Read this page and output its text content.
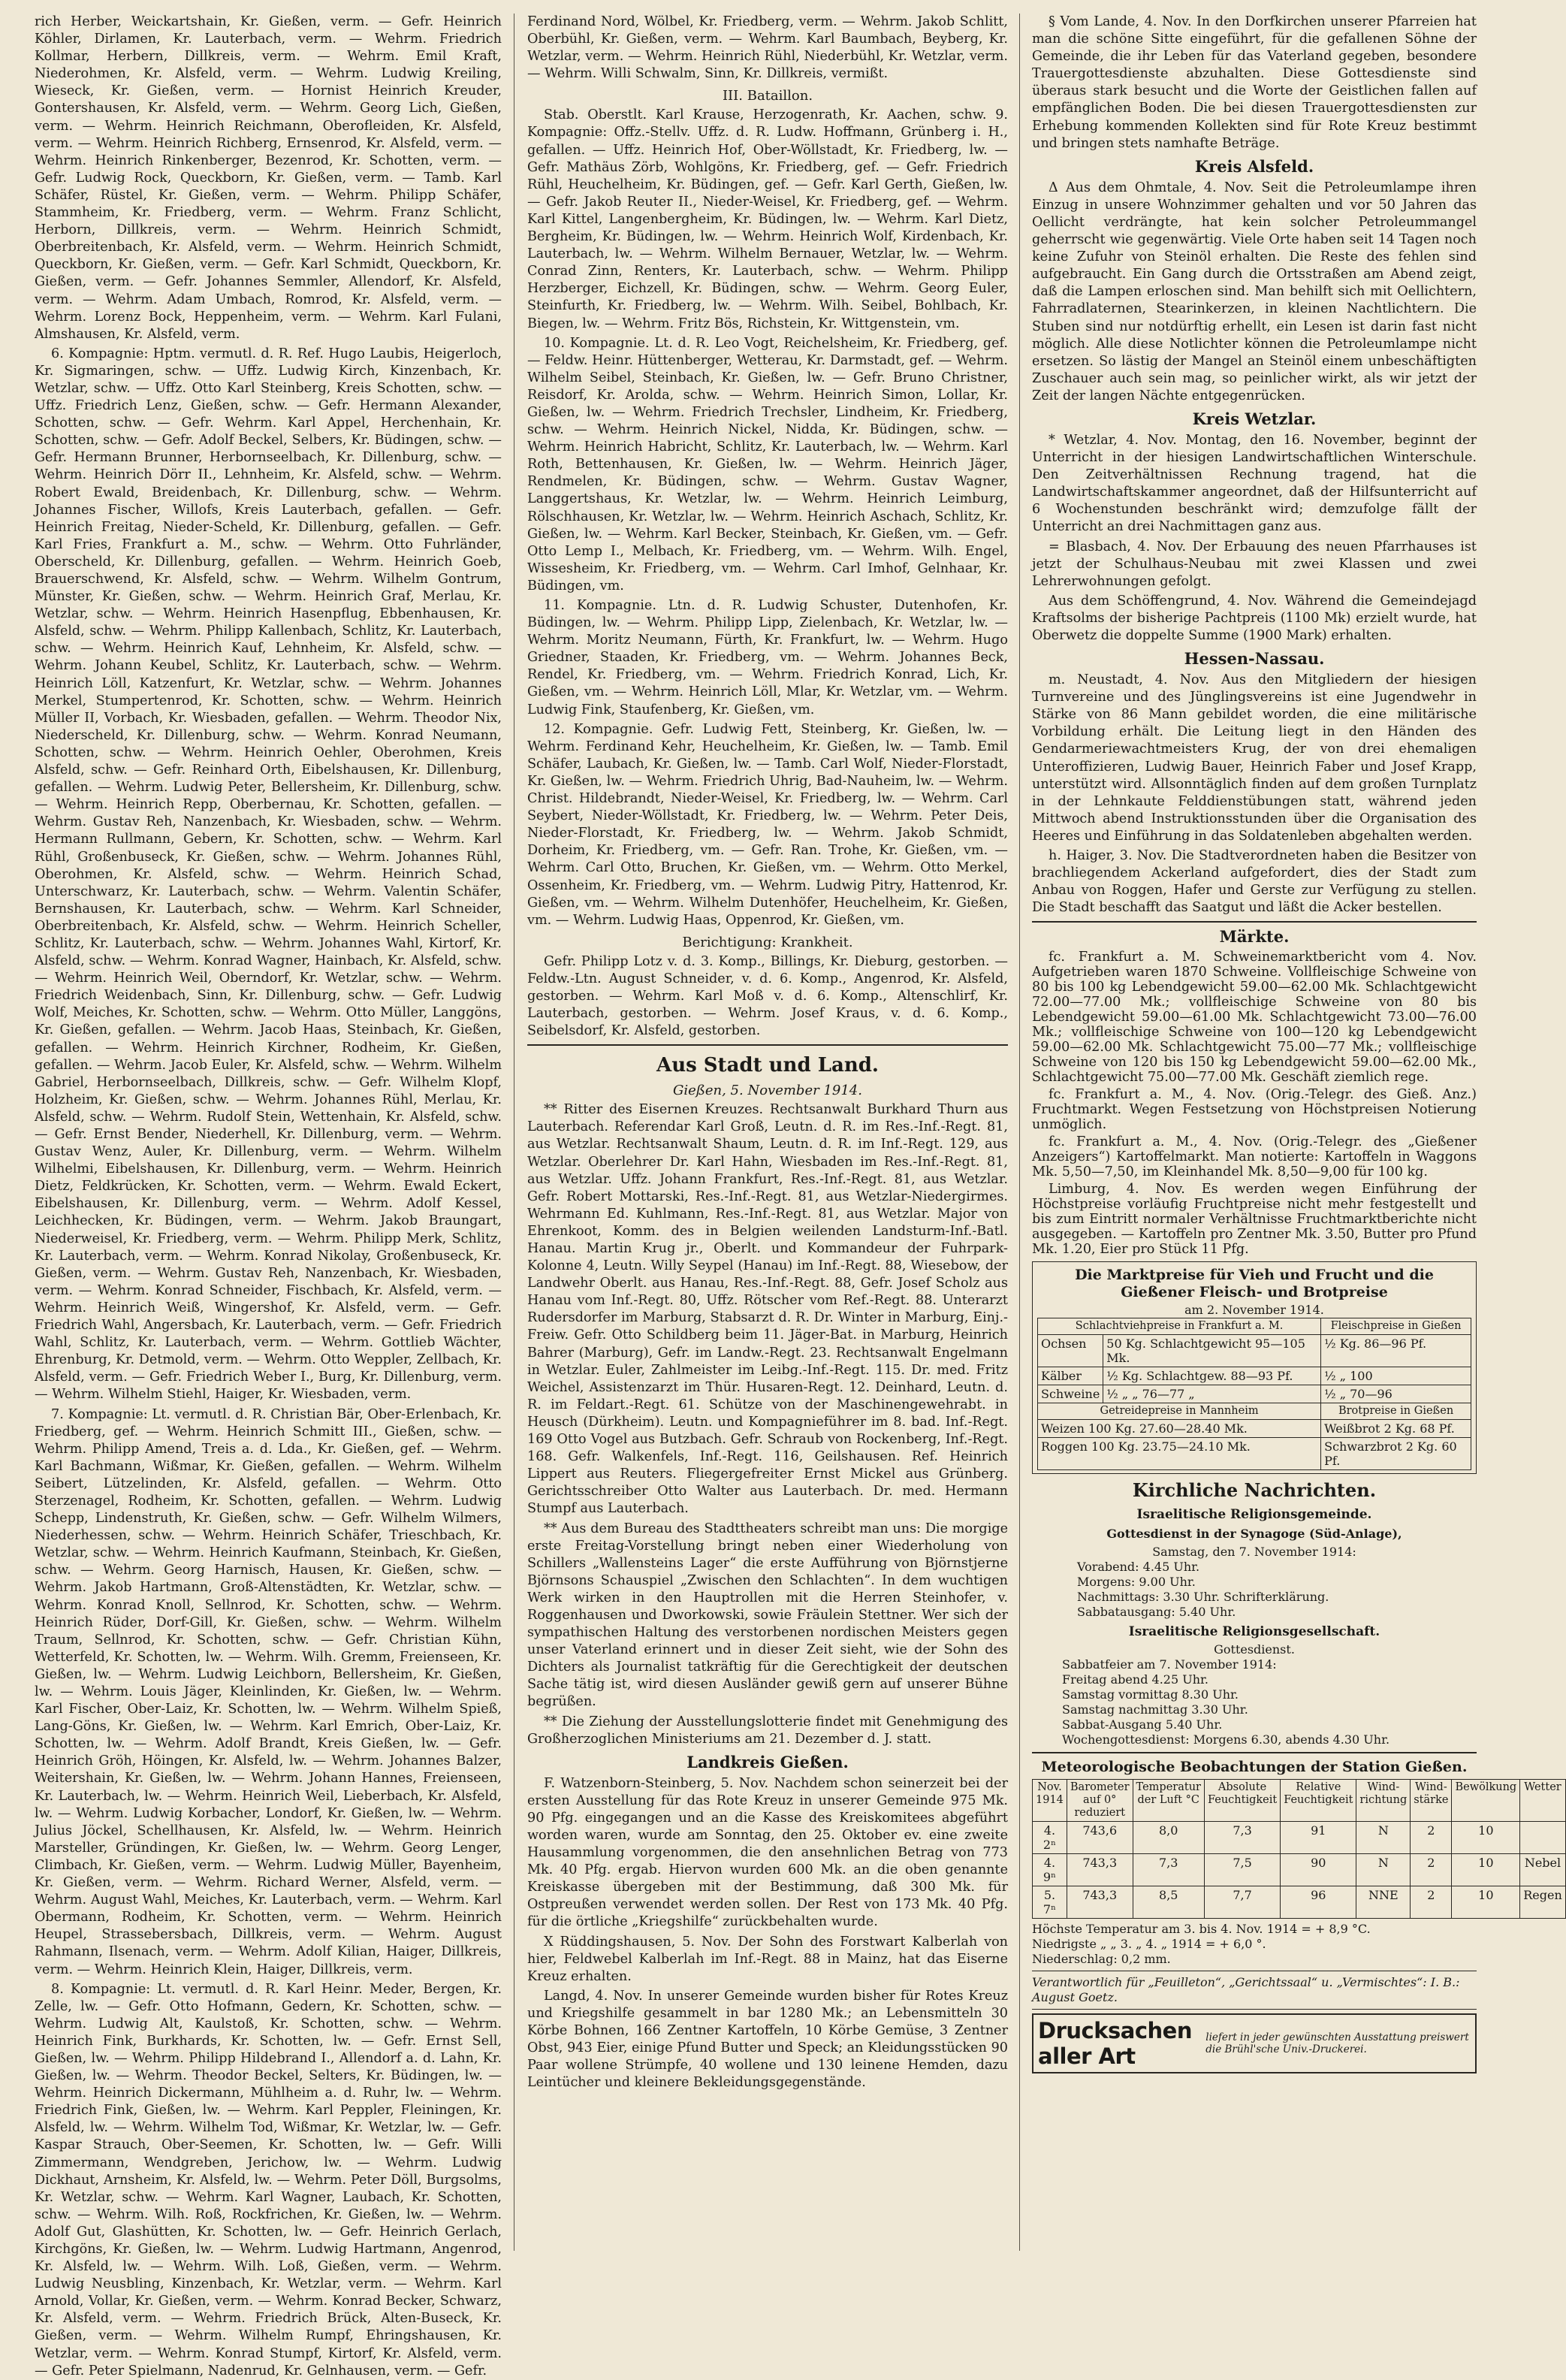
rich Herber, Weickartshain, Kr. Gießen, verm. — Gefr. Heinrich Köhler, Dirlamen, Kr. Lauterbach, verm. — Wehrm. Friedrich Kollmar, Herbern, Dillkreis, verm. — Wehrm. Emil Kraft, Niederohmen, Kr. Alsfeld, verm. — Wehrm. Ludwig Kreiling, Wieseck, Kr. Gießen, verm. — Hornist Heinrich Kreuder, Gontershausen, Kr. Alsfeld, verm. — Wehrm. Georg Lich, Gießen, verm. — Wehrm. Heinrich Reichmann, Oberofleiden, Kr. Alsfeld, verm. — Wehrm. Heinrich Richberg, Ernsenrod, Kr. Alsfeld, verm. — Wehrm. Heinrich Rinkenberger, Bezenrod, Kr. Schotten, verm. — Gefr. Ludwig Rock, Queckborn, Kr. Gießen, verm. — Tamb. Karl Schäfer, Rüstel, Kr. Gießen, verm. — Wehrm. Philipp Schäfer, Stammheim, Kr. Friedberg, verm. — Wehrm. Franz Schlicht, Herborn, Dillkreis, verm. — Wehrm. Heinrich Schmidt, Oberbreitenbach, Kr. Alsfeld, verm. — Wehrm. Heinrich Schmidt, Queckborn, Kr. Gießen, verm. — Gefr. Karl Schmidt, Queckborn, Kr. Gießen, verm. — Gefr. Johannes Semmler, Allendorf, Kr. Alsfeld, verm. — Wehrm. Adam Umbach, Romrod, Kr. Alsfeld, verm. — Wehrm. Lorenz Bock, Heppenheim, verm. — Wehrm. Karl Fulani, Almshausen, Kr. Alsfeld, verm.

6. Kompagnie: Hptm. vermutl. d. R. Ref. Hugo Laubis, Heigerloch, Kr. Sigmaringen, schw. — Uffz. Ludwig Kirch, Kinzenbach, Kr. Wetzlar, schw. — Uffz. Otto Karl Steinberg, Kreis Schotten, schw. — Uffz. Friedrich Lenz, Gießen, schw. — Gefr. Hermann Alexander, Schotten, schw. — Gefr. Wehrm. Karl Appel, Herchenhain, Kr. Schotten, schw. — Gefr. Adolf Beckel, Selbers, Kr. Büdingen, schw. — Gefr. Hermann Brunner, Herbornseelbach, Kr. Dillenburg, schw. — Wehrm. Heinrich Dörr II., Lehnheim, Kr. Alsfeld, schw. — Wehrm. Robert Ewald, Breidenbach, Kr. Dillenburg, schw. — Wehrm. Johannes Fischer, Willofs, Kreis Lauterbach, gefallen. — Gefr. Heinrich Freitag, Nieder-Scheld, Kr. Dillenburg, gefallen. — Gefr. Karl Fries, Frankfurt a. M., schw. — Wehrm. Otto Fuhrländer, Oberscheld, Kr. Dillenburg, gefallen. — Wehrm. Heinrich Goeb, Brauerschwend, Kr. Alsfeld, schw. — Wehrm. Wilhelm Gontrum, Münster, Kr. Gießen, schw. — Wehrm. Heinrich Graf, Merlau, Kr. Wetzlar, schw. — Wehrm. Heinrich Hasenpflug, Ebbenhausen, Kr. Alsfeld, schw. — Wehrm. Philipp Kallenbach, Schlitz, Kr. Lauterbach, schw. — Wehrm. Heinrich Kauf, Lehnheim, Kr. Alsfeld, schw. — Wehrm. Johann Keubel, Schlitz, Kr. Lauterbach, schw. — Wehrm. Heinrich Löll, Katzenfurt, Kr. Wetzlar, schw. — Wehrm. Johannes Merkel, Stumpertenrod, Kr. Schotten, schw. — Wehrm. Heinrich Müller II, Vorbach, Kr. Wiesbaden, gefallen. — Wehrm. Theodor Nix, Niederscheld, Kr. Dillenburg, schw. — Wehrm. Konrad Neumann, Schotten, schw. — Wehrm. Heinrich Oehler, Oberohmen, Kreis Alsfeld, schw. — Gefr. Reinhard Orth, Eibelshausen, Kr. Dillenburg, gefallen. — Wehrm. Ludwig Peter, Bellersheim, Kr. Dillenburg, schw. — Wehrm. Heinrich Repp, Oberbernau, Kr. Schotten, gefallen. — Wehrm. Gustav Reh, Nanzenbach, Kr. Wiesbaden, schw. — Wehrm. Hermann Rullmann, Gebern, Kr. Schotten, schw. — Wehrm. Karl Rühl, Großenbuseck, Kr. Gießen, schw. — Wehrm. Johannes Rühl, Oberohmen, Kr. Alsfeld, schw. — Wehrm. Heinrich Schad, Unterschwarz, Kr. Lauterbach, schw. — Wehrm. Valentin Schäfer, Bernshausen, Kr. Lauterbach, schw. — Wehrm. Karl Schneider, Oberbreitenbach, Kr. Alsfeld, schw. — Wehrm. Heinrich Scheller, Schlitz, Kr. Lauterbach, schw. — Wehrm. Johannes Wahl, Kirtorf, Kr. Alsfeld, schw. — Wehrm. Konrad Wagner, Hainbach, Kr. Alsfeld, schw. — Wehrm. Heinrich Weil, Oberndorf, Kr. Wetzlar, schw. — Wehrm. Friedrich Weidenbach, Sinn, Kr. Dillenburg, schw. — Gefr. Ludwig Wolf, Meiches, Kr. Schotten, schw. — Wehrm. Otto Müller, Langgöns, Kr. Gießen, gefallen. — Wehrm. Jacob Haas, Steinbach, Kr. Gießen, gefallen. — Wehrm. Heinrich Kirchner, Rodheim, Kr. Gießen, gefallen. — Wehrm. Jacob Euler, Kr. Alsfeld, schw. — Wehrm. Wilhelm Gabriel, Herbornseelbach, Dillkreis, schw. — Gefr. Wilhelm Klopf, Holzheim, Kr. Gießen, schw. — Wehrm. Johannes Rühl, Merlau, Kr. Alsfeld, schw. — Wehrm. Rudolf Stein, Wettenhain, Kr. Alsfeld, schw. — Gefr. Ernst Bender, Niederhell, Kr. Dillenburg, verm. — Wehrm. Gustav Wenz, Auler, Kr. Dillenburg, verm. — Wehrm. Wilhelm Wilhelmi, Eibelshausen, Kr. Dillenburg, verm. — Wehrm. Heinrich Dietz, Feldkrücken, Kr. Schotten, verm. — Wehrm. Ewald Eckert, Eibelshausen, Kr. Dillenburg, verm. — Wehrm. Adolf Kessel, Leichhecken, Kr. Büdingen, verm. — Wehrm. Jakob Braungart, Niederweisel, Kr. Friedberg, verm. — Wehrm. Philipp Merk, Schlitz, Kr. Lauterbach, verm. — Wehrm. Konrad Nikolay, Großenbuseck, Kr. Gießen, verm. — Wehrm. Gustav Reh, Nanzenbach, Kr. Wiesbaden, verm. — Wehrm. Konrad Schneider, Fischbach, Kr. Alsfeld, verm. — Wehrm. Heinrich Weiß, Wingershof, Kr. Alsfeld, verm. — Gefr. Friedrich Wahl, Angersbach, Kr. Lauterbach, verm. — Gefr. Friedrich Wahl, Schlitz, Kr. Lauterbach, verm. — Wehrm. Gottlieb Wächter, Ehrenburg, Kr. Detmold, verm. — Wehrm. Otto Weppler, Zellbach, Kr. Alsfeld, verm. — Gefr. Friedrich Weber I., Burg, Kr. Dillenburg, verm. — Wehrm. Wilhelm Stiehl, Haiger, Kr. Wiesbaden, verm.

7. Kompagnie: Lt. vermutl. d. R. Christian Bär, Ober-Erlenbach, Kr. Friedberg, gef. — Wehrm. Heinrich Schmitt III., Gießen, schw. — Wehrm. Philipp Amend, Treis a. d. Lda., Kr. Gießen, gef. — Wehrm. Karl Bachmann, Wißmar, Kr. Gießen, gefallen. — Wehrm. Wilhelm Seibert, Lützelinden, Kr. Alsfeld, gefallen. — Wehrm. Otto Sterzenagel, Rodheim, Kr. Schotten, gefallen. — Wehrm. Ludwig Schepp, Lindenstruth, Kr. Gießen, schw. — Gefr. Wilhelm Wilmers, Niederhessen, schw. — Wehrm. Heinrich Schäfer, Trieschbach, Kr. Wetzlar, schw. — Wehrm. Heinrich Kaufmann, Steinbach, Kr. Gießen, schw. — Wehrm. Georg Harnisch, Hausen, Kr. Gießen, schw. — Wehrm. Jakob Hartmann, Groß-Altenstädten, Kr. Wetzlar, schw. — Wehrm. Konrad Knoll, Sellnrod, Kr. Schotten, schw. — Wehrm. Heinrich Rüder, Dorf-Gill, Kr. Gießen, schw. — Wehrm. Wilhelm Traum, Sellnrod, Kr. Schotten, schw. — Gefr. Christian Kühn, Wetterfeld, Kr. Schotten, lw. — Wehrm. Wilh. Gremm, Freienseen, Kr. Gießen, lw. — Wehrm. Ludwig Leichborn, Bellersheim, Kr. Gießen, lw. — Wehrm. Louis Jäger, Kleinlinden, Kr. Gießen, lw. — Wehrm. Karl Fischer, Ober-Laiz, Kr. Schotten, lw. — Wehrm. Wilhelm Spieß, Lang-Göns, Kr. Gießen, lw. — Wehrm. Karl Emrich, Ober-Laiz, Kr. Schotten, lw. — Wehrm. Adolf Brandt, Kreis Gießen, lw. — Gefr. Heinrich Gröh, Höingen, Kr. Alsfeld, lw. — Wehrm. Johannes Balzer, Weitershain, Kr. Gießen, lw. — Wehrm. Johann Hannes, Freienseen, Kr. Lauterbach, lw. — Wehrm. Heinrich Weil, Lieberbach, Kr. Alsfeld, lw. — Wehrm. Ludwig Korbacher, Londorf, Kr. Gießen, lw. — Wehrm. Julius Jöckel, Schellhausen, Kr. Alsfeld, lw. — Wehrm. Heinrich Marsteller, Gründingen, Kr. Gießen, lw. — Wehrm. Georg Lenger, Climbach, Kr. Gießen, verm. — Wehrm. Ludwig Müller, Bayenheim, Kr. Gießen, verm. — Wehrm. Richard Werner, Alsfeld, verm. — Wehrm. August Wahl, Meiches, Kr. Lauterbach, verm. — Wehrm. Karl Obermann, Rodheim, Kr. Schotten, verm. — Wehrm. Heinrich Heupel, Strassebersbach, Dillkreis, verm. — Wehrm. August Rahmann, Ilsenach, verm. — Wehrm. Adolf Kilian, Haiger, Dillkreis, verm. — Wehrm. Heinrich Klein, Haiger, Dillkreis, verm.

8. Kompagnie: Lt. vermutl. d. R. Karl Heinr. Meder, Bergen, Kr. Zelle, lw. — Gefr. Otto Hofmann, Gedern, Kr. Schotten, schw. — Wehrm. Ludwig Alt, Kaulstoß, Kr. Schotten, schw. — Wehrm. Heinrich Fink, Burkhards, Kr. Schotten, lw. — Gefr. Ernst Sell, Gießen, lw. — Wehrm. Philipp Hildebrand I., Allendorf a. d. Lahn, Kr. Gießen, lw. — Wehrm. Theodor Beckel, Selters, Kr. Büdingen, lw. — Wehrm. Heinrich Dickermann, Mühlheim a. d. Ruhr, lw. — Wehrm. Friedrich Fink, Gießen, lw. — Wehrm. Karl Peppler, Fleiningen, Kr. Alsfeld, lw. — Wehrm. Wilhelm Tod, Wißmar, Kr. Wetzlar, lw. — Gefr. Kaspar Strauch, Ober-Seemen, Kr. Schotten, lw. — Gefr. Willi Zimmermann, Wendgreben, Jerichow, lw. — Wehrm. Ludwig Dickhaut, Arnsheim, Kr. Alsfeld, lw. — Wehrm. Peter Döll, Burgsolms, Kr. Wetzlar, schw. — Wehrm. Karl Wagner, Laubach, Kr. Schotten, schw. — Wehrm. Wilh. Roß, Rockfrichen, Kr. Gießen, lw. — Wehrm. Adolf Gut, Glashütten, Kr. Schotten, lw. — Gefr. Heinrich Gerlach, Kirchgöns, Kr. Gießen, lw. — Wehrm. Ludwig Hartmann, Angenrod, Kr. Alsfeld, lw. — Wehrm. Wilh. Loß, Gießen, verm. — Wehrm. Ludwig Neusbling, Kinzenbach, Kr. Wetzlar, verm. — Wehrm. Karl Arnold, Vollar, Kr. Gießen, verm. — Wehrm. Konrad Becker, Schwarz, Kr. Alsfeld, verm. — Wehrm. Friedrich Brück, Alten-Buseck, Kr. Gießen, verm. — Wehrm. Wilhelm Rumpf, Ehringshausen, Kr. Wetzlar, verm. — Wehrm. Konrad Stumpf, Kirtorf, Kr. Alsfeld, verm. — Gefr. Peter Spielmann, Nadenrud, Kr. Gelnhausen, verm. — Gefr.

Ferdinand Nord, Wölbel, Kr. Friedberg, verm. — Wehrm. Jakob Schlitt, Oberbühl, Kr. Gießen, verm. — Wehrm. Karl Baumbach, Beyberg, Kr. Wetzlar, verm. — Wehrm. Heinrich Rühl, Niederbühl, Kr. Wetzlar, verm. — Wehrm. Willi Schwalm, Sinn, Kr. Dillkreis, vermißt.

III. Bataillon.

Stab. Oberstlt. Karl Krause, Herzogenrath, Kr. Aachen, schw. 9. Kompagnie: Offz.-Stellv. Uffz. d. R. Ludw. Hoffmann, Grünberg i. H., gefallen. — Uffz. Heinrich Hof, Ober-Wöllstadt, Kr. Friedberg, lw. — Gefr. Mathäus Zörb, Wohlgöns, Kr. Friedberg, gef. — Gefr. Friedrich Rühl, Heuchelheim, Kr. Büdingen, gef. — Gefr. Karl Gerth, Gießen, lw. — Gefr. Jakob Reuter II., Nieder-Weisel, Kr. Friedberg, gef. — Wehrm. Karl Kittel, Langenbergheim, Kr. Büdingen, lw. — Wehrm. Karl Dietz, Bergheim, Kr. Büdingen, lw. — Wehrm. Heinrich Wolf, Kirdenbach, Kr. Lauterbach, lw. — Wehrm. Wilhelm Bernauer, Wetzlar, lw. — Wehrm. Conrad Zinn, Renters, Kr. Lauterbach, schw. — Wehrm. Philipp Herzberger, Eichzell, Kr. Büdingen, schw. — Wehrm. Georg Euler, Steinfurth, Kr. Friedberg, lw. — Wehrm. Wilh. Seibel, Bohlbach, Kr. Biegen, lw. — Wehrm. Fritz Bös, Richstein, Kr. Wittgenstein, vm.

10. Kompagnie. Lt. d. R. Leo Vogt, Reichelsheim, Kr. Friedberg, gef. — Feldw. Heinr. Hüttenberger, Wetterau, Kr. Darmstadt, gef. — Wehrm. Wilhelm Seibel, Steinbach, Kr. Gießen, lw. — Gefr. Bruno Christner, Reisdorf, Kr. Arolda, schw. — Wehrm. Heinrich Simon, Lollar, Kr. Gießen, lw. — Wehrm. Friedrich Trechsler, Lindheim, Kr. Friedberg, schw. — Wehrm. Heinrich Nickel, Nidda, Kr. Büdingen, schw. — Wehrm. Heinrich Habricht, Schlitz, Kr. Lauterbach, lw. — Wehrm. Karl Roth, Bettenhausen, Kr. Gießen, lw. — Wehrm. Heinrich Jäger, Rendmelen, Kr. Büdingen, schw. — Wehrm. Gustav Wagner, Langgertshaus, Kr. Wetzlar, lw. — Wehrm. Heinrich Leimburg, Rölschhausen, Kr. Wetzlar, lw. — Wehrm. Heinrich Aschach, Schlitz, Kr. Gießen, lw. — Wehrm. Karl Becker, Steinbach, Kr. Gießen, vm. — Gefr. Otto Lemp I., Melbach, Kr. Friedberg, vm. — Wehrm. Wilh. Engel, Wissesheim, Kr. Friedberg, vm. — Wehrm. Carl Imhof, Gelnhaar, Kr. Büdingen, vm.

11. Kompagnie. Ltn. d. R. Ludwig Schuster, Dutenhofen, Kr. Büdingen, lw. — Wehrm. Philipp Lipp, Zielenbach, Kr. Wetzlar, lw. — Wehrm. Moritz Neumann, Fürth, Kr. Frankfurt, lw. — Wehrm. Hugo Griedner, Staaden, Kr. Friedberg, vm. — Wehrm. Johannes Beck, Rendel, Kr. Friedberg, vm. — Wehrm. Friedrich Konrad, Lich, Kr. Gießen, vm. — Wehrm. Heinrich Löll, Mlar, Kr. Wetzlar, vm. — Wehrm. Ludwig Fink, Staufenberg, Kr. Gießen, vm.

12. Kompagnie. Gefr. Ludwig Fett, Steinberg, Kr. Gießen, lw. — Wehrm. Ferdinand Kehr, Heuchelheim, Kr. Gießen, lw. — Tamb. Emil Schäfer, Laubach, Kr. Gießen, lw. — Tamb. Carl Wolf, Nieder-Florstadt, Kr. Gießen, lw. — Wehrm. Friedrich Uhrig, Bad-Nauheim, lw. — Wehrm. Christ. Hildebrandt, Nieder-Weisel, Kr. Friedberg, lw. — Wehrm. Carl Seybert, Nieder-Wöllstadt, Kr. Friedberg, lw. — Wehrm. Peter Deis, Nieder-Florstadt, Kr. Friedberg, lw. — Wehrm. Jakob Schmidt, Dorheim, Kr. Friedberg, vm. — Gefr. Ran. Trohe, Kr. Gießen, vm. — Wehrm. Carl Otto, Bruchen, Kr. Gießen, vm. — Wehrm. Otto Merkel, Ossenheim, Kr. Friedberg, vm. — Wehrm. Ludwig Pitry, Hattenrod, Kr. Gießen, vm. — Wehrm. Wilhelm Dutenhöfer, Heuchelheim, Kr. Gießen, vm. — Wehrm. Ludwig Haas, Oppenrod, Kr. Gießen, vm.

Berichtigung: Krankheit.

Gefr. Philipp Lotz v. d. 3. Komp., Billings, Kr. Dieburg, gestorben. — Feldw.-Ltn. August Schneider, v. d. 6. Komp., Angenrod, Kr. Alsfeld, gestorben. — Wehrm. Karl Moß v. d. 6. Komp., Altenschlirf, Kr. Lauterbach, gestorben. — Wehrm. Josef Kraus, v. d. 6. Komp., Seibelsdorf, Kr. Alsfeld, gestorben.

Aus Stadt und Land.
Gießen, 5. November 1914.

** Ritter des Eisernen Kreuzes. Rechtsanwalt Burkhard Thurn aus Lauterbach. Referendar Karl Groß, Leutn. d. R. im Res.-Inf.-Regt. 81, aus Wetzlar. Rechtsanwalt Shaum, Leutn. d. R. im Inf.-Regt. 129, aus Wetzlar. Oberlehrer Dr. Karl Hahn, Wiesbaden im Res.-Inf.-Regt. 81, aus Wetzlar. Uffz. Johann Frankfurt, Res.-Inf.-Regt. 81, aus Wetzlar. Gefr. Robert Mottarski, Res.-Inf.-Regt. 81, aus Wetzlar-Niedergirmes. Wehrmann Ed. Kuhlmann, Res.-Inf.-Regt. 81, aus Wetzlar. Major von Ehrenkoot, Komm. des in Belgien weilenden Landsturm-Inf.-Batl. Hanau. Martin Krug jr., Oberlt. und Kommandeur der Fuhrpark-Kolonne 4, Leutn. Willy Seypel (Hanau) im Inf.-Regt. 88, Wiesebow, der Landwehr Oberlt. aus Hanau, Res.-Inf.-Regt. 88, Gefr. Josef Scholz aus Hanau vom Inf.-Regt. 80, Uffz. Rötscher vom Ref.-Regt. 88. Unterarzt Rudersdorfer im Marburg, Stabsarzt d. R. Dr. Winter in Marburg, Einj.-Freiw. Gefr. Otto Schildberg beim 11. Jäger-Bat. in Marburg, Heinrich Bahrer (Marburg), Gefr. im Landw.-Regt. 23. Rechtsanwalt Engelmann in Wetzlar. Euler, Zahlmeister im Leibg.-Inf.-Regt. 115. Dr. med. Fritz Weichel, Assistenzarzt im Thür. Husaren-Regt. 12. Deinhard, Leutn. d. R. im Feldart.-Regt. 61. Schütze von der Maschinengewehrabt. in Heusch (Dürkheim). Leutn. und Kompagnieführer im 8. bad. Inf.-Regt. 169 Otto Vogel aus Butzbach. Gefr. Schraub von Rockenberg, Inf.-Regt. 168. Gefr. Walkenfels, Inf.-Regt. 116, Geilshausen. Ref. Heinrich Lippert aus Reuters. Fliegergefreiter Ernst Mickel aus Grünberg. Gerichtsschreiber Otto Walter aus Lauterbach. Dr. med. Hermann Stumpf aus Lauterbach.

** Aus dem Bureau des Stadttheaters schreibt man uns: Die morgige erste Freitag-Vorstellung bringt neben einer Wiederholung von Schillers „Wallensteins Lager“ die erste Aufführung von Björnstjerne Björnsons Schauspiel „Zwischen den Schlachten“. In dem wuchtigen Werk wirken in den Hauptrollen mit die Herren Steinhofer, v. Roggenhausen und Dworkowski, sowie Fräulein Stettner. Wer sich der sympathischen Haltung des verstorbenen nordischen Meisters gegen unser Vaterland erinnert und in dieser Zeit sieht, wie der Sohn des Dichters als Journalist tatkräftig für die Gerechtigkeit der deutschen Sache tätig ist, wird diesen Ausländer gewiß gern auf unserer Bühne begrüßen.

** Die Ziehung der Ausstellungslotterie findet mit Genehmigung des Großherzoglichen Ministeriums am 21. Dezember d. J. statt.

Landkreis Gießen.

F. Watzenborn-Steinberg, 5. Nov. Nachdem schon seinerzeit bei der ersten Ausstellung für das Rote Kreuz in unserer Gemeinde 975 Mk. 90 Pfg. eingegangen und an die Kasse des Kreiskomitees abgeführt worden waren, wurde am Sonntag, den 25. Oktober ev. eine zweite Hausammlung vorgenommen, die den ansehnlichen Betrag von 773 Mk. 40 Pfg. ergab. Hiervon wurden 600 Mk. an die oben genannte Kreiskasse übergeben mit der Bestimmung, daß 300 Mk. für Ostpreußen verwendet werden sollen. Der Rest von 173 Mk. 40 Pfg. für die örtliche „Kriegshilfe“ zurückbehalten wurde.

X Rüddingshausen, 5. Nov. Der Sohn des Forstwart Kalberlah von hier, Feldwebel Kalberlah im Inf.-Regt. 88 in Mainz, hat das Eiserne Kreuz erhalten.

Langd, 4. Nov. In unserer Gemeinde wurden bisher für Rotes Kreuz und Kriegshilfe gesammelt in bar 1280 Mk.; an Lebensmitteln 30 Körbe Bohnen, 166 Zentner Kartoffeln, 10 Körbe Gemüse, 3 Zentner Obst, 943 Eier, einige Pfund Butter und Speck; an Kleidungsstücken 90 Paar wollene Strümpfe, 40 wollene und 130 leinene Hemden, dazu Leintücher und kleinere Bekleidungsgegenstände.

§ Vom Lande, 4. Nov. In den Dorfkirchen unserer Pfarreien hat man die schöne Sitte eingeführt, für die gefallenen Söhne der Gemeinde, die ihr Leben für das Vaterland gegeben, besondere Trauergottesdienste abzuhalten. Diese Gottesdienste sind überaus stark besucht und die Worte der Geistlichen fallen auf empfänglichen Boden. Die bei diesen Trauergottesdiensten zur Erhebung kommenden Kollekten sind für Rote Kreuz bestimmt und bringen stets namhafte Beträge.

Kreis Alsfeld.

Δ Aus dem Ohmtale, 4. Nov. Seit die Petroleumlampe ihren Einzug in unsere Wohnzimmer gehalten und vor 50 Jahren das Oellicht verdrängte, hat kein solcher Petroleummangel geherrscht wie gegenwärtig. Viele Orte haben seit 14 Tagen noch keine Zufuhr von Steinöl erhalten. Die Reste des fehlen sind aufgebraucht. Ein Gang durch die Ortsstraßen am Abend zeigt, daß die Lampen erloschen sind. Man behilft sich mit Oellichtern, Fahrradlaternen, Stearinkerzen, in kleinen Nachtlichtern. Die Stuben sind nur notdürftig erhellt, ein Lesen ist darin fast nicht möglich. Alle diese Notlichter können die Petroleumlampe nicht ersetzen. So lästig der Mangel an Steinöl einem unbeschäftigten Zuschauer auch sein mag, so peinlicher wirkt, als wir jetzt der Zeit der langen Nächte entgegenrücken.

Kreis Wetzlar.

* Wetzlar, 4. Nov. Montag, den 16. November, beginnt der Unterricht in der hiesigen Landwirtschaftlichen Winterschule. Den Zeitverhältnissen Rechnung tragend, hat die Landwirtschaftskammer angeordnet, daß der Hilfsunterricht auf 6 Wochenstunden beschränkt wird; demzufolge fällt der Unterricht an drei Nachmittagen ganz aus.

= Blasbach, 4. Nov. Der Erbauung des neuen Pfarrhauses ist jetzt der Schulhaus-Neubau mit zwei Klassen und zwei Lehrerwohnungen gefolgt.

Aus dem Schöffengrund, 4. Nov. Während die Gemeindejagd Kraftsolms der bisherige Pachtpreis (1100 Mk) erzielt wurde, hat Oberwetz die doppelte Summe (1900 Mark) erhalten.

Hessen-Nassau.

m. Neustadt, 4. Nov. Aus den Mitgliedern der hiesigen Turnvereine und des Jünglingsvereins ist eine Jugendwehr in Stärke von 86 Mann gebildet worden, die eine militärische Vorbildung erhält. Die Leitung liegt in den Händen des Gendarmeriewachtmeisters Krug, der von drei ehemaligen Unteroffizieren, Ludwig Bauer, Heinrich Faber und Josef Krapp, unterstützt wird. Allsonntäglich finden auf dem großen Turnplatz in der Lehnkaute Felddienstübungen statt, während jeden Mittwoch abend Instruktionsstunden über die Organisation des Heeres und Einführung in das Soldatenleben abgehalten werden.

h. Haiger, 3. Nov. Die Stadtverordneten haben die Besitzer von brachliegendem Ackerland aufgefordert, dies der Stadt zum Anbau von Roggen, Hafer und Gerste zur Verfügung zu stellen. Die Stadt beschafft das Saatgut und läßt die Acker bestellen.

Märkte.

fc. Frankfurt a. M. Schweinemarktbericht vom 4. Nov. Aufgetrieben waren 1870 Schweine. Vollfleischige Schweine von 80 bis 100 kg Lebendgewicht 59.00—62.00 Mk. Schlachtgewicht 72.00—77.00 Mk.; vollfleischige Schweine von 80 bis Lebendgewicht 59.00—61.00 Mk. Schlachtgewicht 73.00—76.00 Mk.; vollfleischige Schweine von 100—120 kg Lebendgewicht 59.00—62.00 Mk. Schlachtgewicht 75.00—77 Mk.; vollfleischige Schweine von 120 bis 150 kg Lebendgewicht 59.00—62.00 Mk., Schlachtgewicht 75.00—77.00 Mk. Geschäft ziemlich rege.

fc. Frankfurt a. M., 4. Nov. (Orig.-Telegr. des Gieß. Anz.) Fruchtmarkt. Wegen Festsetzung von Höchstpreisen Notierung unmöglich.

fc. Frankfurt a. M., 4. Nov. (Orig.-Telegr. des „Gießener Anzeigers“) Kartoffelmarkt. Man notierte: Kartoffeln in Waggons Mk. 5,50—7,50, im Kleinhandel Mk. 8,50—9,00 für 100 kg.

Limburg, 4. Nov. Es werden wegen Einführung der Höchstpreise vorläufig Fruchtpreise nicht mehr festgestellt und bis zum Eintritt normaler Verhältnisse Fruchtmarktberichte nicht ausgegeben. — Kartoffeln pro Zentner Mk. 3.50, Butter pro Pfund Mk. 1.20, Eier pro Stück 11 Pfg.

Die Marktpreise für Vieh und Frucht und die Gießener Fleisch- und Brotpreise
am 2. November 1914.
Schlachtviehpreise in Frankfurt a. M.		Fleischpreise in Gießen
Ochsen	50 Kg. Schlachtgewicht 95—105 Mk.	½ Kg. 86—96 Pf.
Kälber	½ Kg. Schlachtgew. 88—93 Pf.	½ „ 100
Schweine	½ „ „ 76—77 „	½ „ 70—96
Getreidepreise in Mannheim		Brotpreise in Gießen
Weizen 100 Kg. 27.60—28.40 Mk.		Weißbrot 2 Kg. 68 Pf.
Roggen 100 Kg. 23.75—24.10 Mk.		Schwarzbrot 2 Kg. 60 Pf.
Kirchliche Nachrichten.
Israelitische Religionsgemeinde.
Gottesdienst in der Synagoge (Süd-Anlage),
Samstag, den 7. November 1914:
Vorabend: 4.45 Uhr.
Morgens: 9.00 Uhr.
Nachmittags: 3.30 Uhr. Schrifterklärung.
Sabbatausgang: 5.40 Uhr.
Israelitische Religionsgesellschaft.
Gottesdienst.
Sabbatfeier am 7. November 1914:
Freitag abend 4.25 Uhr.
Samstag vormittag 8.30 Uhr.
Samstag nachmittag 3.30 Uhr.
Sabbat-Ausgang 5.40 Uhr.
Wochengottesdienst: Morgens 6.30, abends 4.30 Uhr.
Meteorologische Beobachtungen der Station Gießen.
Nov. 1914	Barometer auf 0° reduziert	Temperatur der Luft °C	Absolute Feuchtigkeit	Relative Feuchtigkeit	Wind-richtung	Wind-stärke	Bewölkung	Wetter
4. 2ⁿ	743,6	8,0	7,3	91	N	2	10	
4. 9ⁿ	743,3	7,3	7,5	90	N	2	10	Nebel
5. 7ⁿ	743,3	8,5	7,7	96	NNE	2	10	Regen
Höchste Temperatur am 3. bis 4. Nov. 1914 = + 8,9 °C.
Niedrigste „ „ 3. „ 4. „ 1914 = + 6,0 °.
Niederschlag: 0,2 mm.
Verantwortlich für „Feuilleton“, „Gerichtssaal“ u. „Vermischtes“: I. B.: August Goetz.
Drucksachen aller Art
liefert in jeder gewünschten Ausstattung preiswert die Brühl'sche Univ.-Druckerei.
